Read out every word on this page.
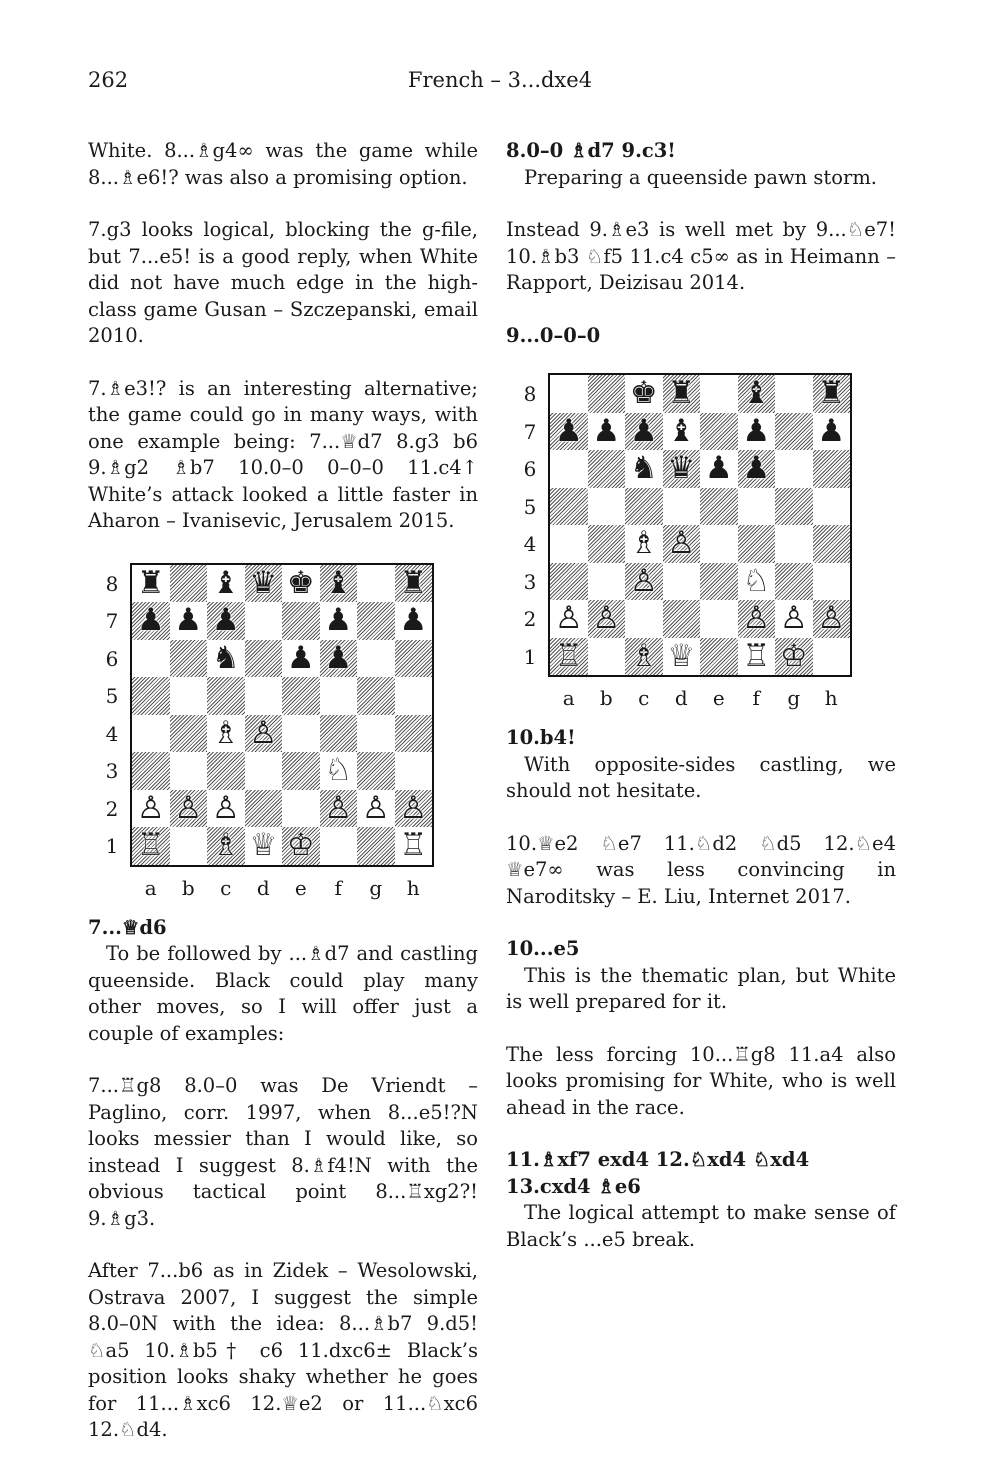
262	French – 3...dxe4

White. 8...♗g4∞ was the game while 8...♗e6!? was also a promising option.

7.g3 looks logical, blocking the g-file, but 7...e5! is a good reply, when White did not have much edge in the high-class game Gusan – Szczepanski, email 2010.

7.♗e3!? is an interesting alternative; the game could go in many ways, with one example being: 7...♕d7 8.g3 b6 9.♗g2 ♗b7 10.0–0 0–0–0 11.c4↑ White’s attack looked a little faster in Aharon – Ivanisevic, Jerusalem 2015.

♜ ♝ ♛ ♚ ♝ ♜
♟ ♟ ♟	♟ ♟
♞ ♟ ♟
♗ ♙
♘
♙ ♙ ♙	♙ ♙ ♙
♖ ♗ ♕ ♔	♖
8
7
6
5
4
3
2
1
a	b	c	d	e	f	g	h
7...♕d6

To be followed by ...♗d7 and castling queenside. Black could play many other moves, so I will offer just a couple of examples:

7...♖g8 8.0–0 was De Vriendt – Paglino, corr. 1997, when 8...e5!?N looks messier than I would like, so instead I suggest 8.♗f4!N with the obvious tactical point 8...♖xg2?! 9.♗g3.

After 7...b6 as in Zidek – Wesolowski, Ostrava 2007, I suggest the simple 8.0–0N with the idea: 8...♗b7 9.d5! ♘a5 10.♗b5† c6 11.dxc6± Black’s position looks shaky whether he goes for 11...♗xc6 12.♕e2 or 11...♘xc6 12.♘d4.

8.0–0 ♗d7 9.c3!

Preparing a queenside pawn storm.

Instead 9.♗e3 is well met by 9...♘e7! 10.♗b3 ♘f5 11.c4 c5∞ as in Heimann – Rapport, Deizisau 2014.

9...0–0–0
♚ ♜ ♝ ♜
♟ ♟ ♟ ♝ ♟ ♟
♞ ♛ ♟ ♟
♗ ♙
♙	♘
♙ ♙	♙ ♙ ♙
♖ ♗ ♕ ♖ ♔
8
7
6
5
4
3
2
1
a	b	c	d	e	f	g	h
10.b4!

With opposite-sides castling, we should not hesitate.

10.♕e2 ♘e7 11.♘d2 ♘d5 12.♘e4 ♕e7∞ was less convincing in Naroditsky – E. Liu, Internet 2017.

10...e5

This is the thematic plan, but White is well prepared for it.

The less forcing 10...♖g8 11.a4 also looks promising for White, who is well ahead in the race.

11.♗xf7 exd4 12.♘xd4 ♘xd4 13.cxd4 ♗e6

The logical attempt to make sense of Black’s ...e5 break.
